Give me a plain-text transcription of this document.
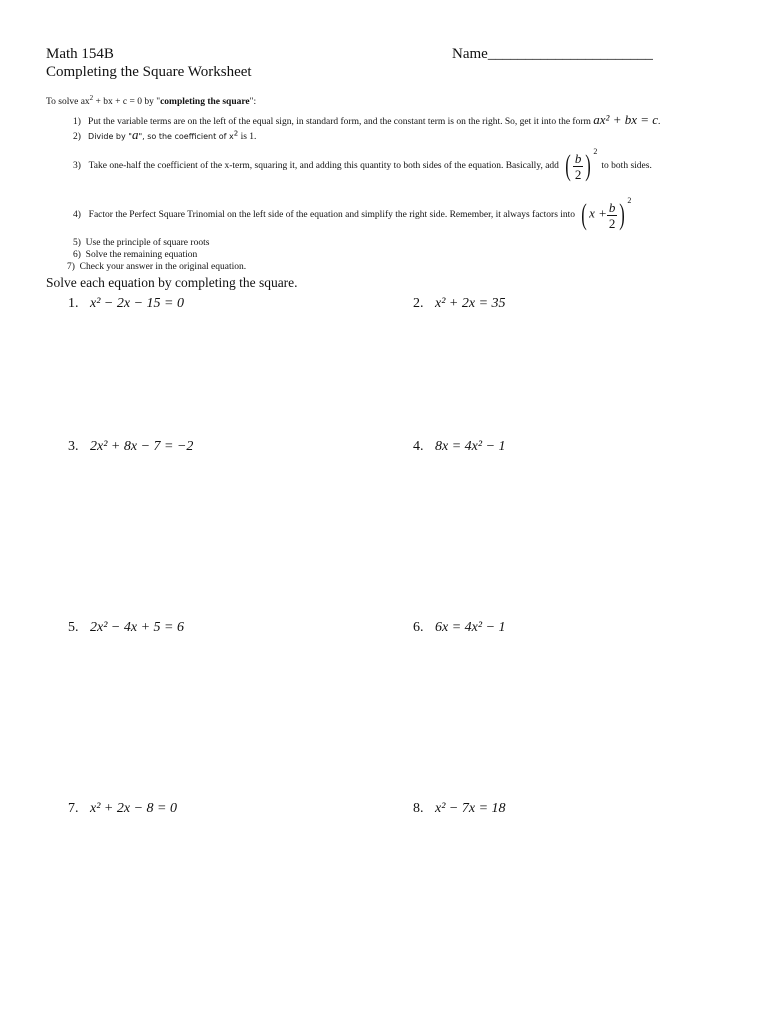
Math 154B	Name______________________
Completing the Square Worksheet
To solve $ax^2$ + bx + c = 0 by "completing the square":
1) Put the variable terms are on the left of the equal sign, in standard form, and the constant term is on the right. So, get it into the form ax² + bx = c.
2) Divide by "a", so the coefficient of x2 is 1.
3)
Take one-half the coefficient of the x-term, squaring it, and adding this quantity to both sides of the equation. Basically, add ( $\frac{b}{2}$ ) $^2$
to both sides.
4)
Factor the Perfect Square Trinomial on the left side of the equation and simplify the right side. Remember, it always factors into ( $x + \frac{b}{2}$ ) $^2$
5) Use the principle of square roots
6) Solve the remaining equation
7) Check your answer in the original equation.
Solve each equation by completing the square.
1. x² − 2x − 15 = 0	2. x² + 2x = 35
3. 2x² + 8x − 7 = −2	4. 8x = 4x² − 1
5. 2x² − 4x + 5 = 6	6. 6x = 4x² − 1
7. x² + 2x − 8 = 0	8. x² − 7x = 18
